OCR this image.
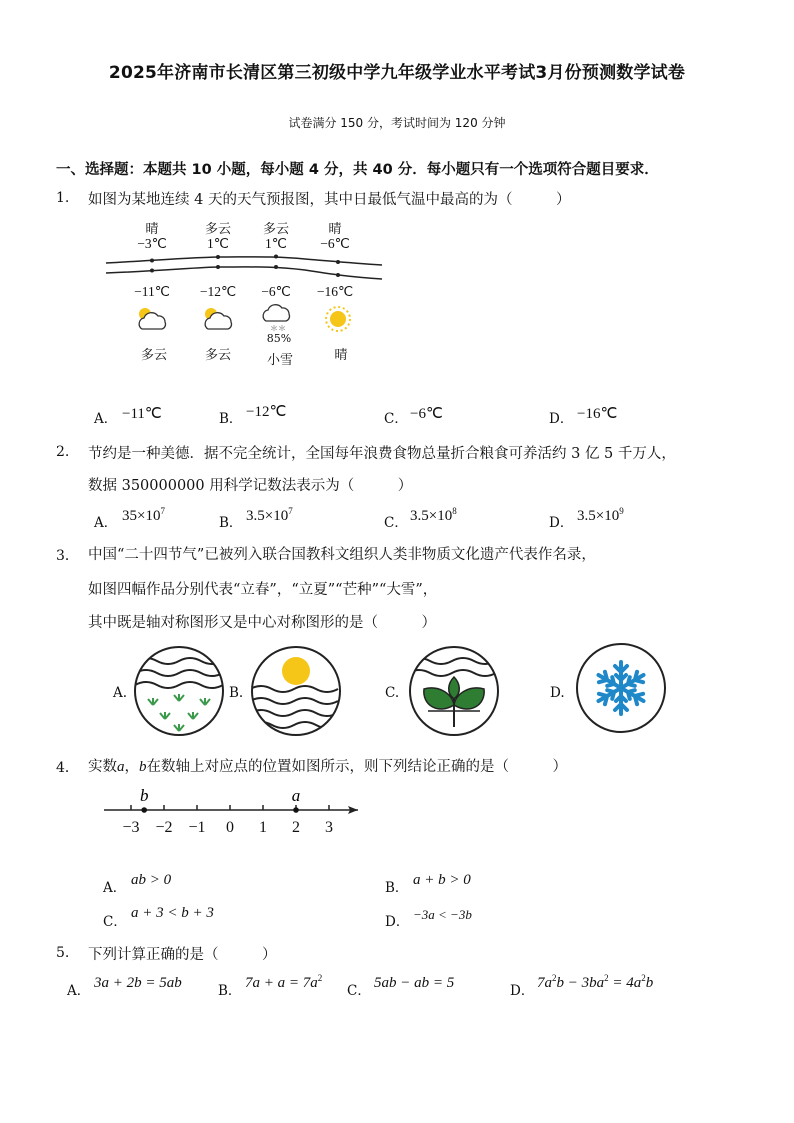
2025年济南市长清区第三初级中学九年级学业水平考试3月份预测数学试卷
试卷满分 150 分，考试时间为 120 分钟
一、选择题：本题共 10 小题，每小题 4 分，共 40 分．每小题只有一个选项符合题目要求．
1. 如图为某地连续 4 天的天气预报图，其中日最低气温中最高的为（　　　）
晴	多云	多云	晴
−3℃	1℃	1℃	−6℃
−11℃	−12℃	−6℃	−16℃
＊＊
85%
多云	多云	小雪	晴
A． −11℃	B． −12℃	C． −6℃	D． −16℃
2. 节约是一种美德．据不完全统计，全国每年浪费食物总量折合粮食可养活约 3 亿 5 千万人，
数据 350000000 用科学记数法表示为（　　　）
A． $35\times 10^7$
B． $3.5\times 10^7$
C． $3.5\times 10^8$
D． $3.5\times 10^9$
3． 中国“二十四节气”已被列入联合国教科文组织人类非物质文化遗产代表作名录，
如图四幅作品分别代表“立春”，“立夏”“芒种”“大雪”，
其中既是轴对称图形又是中心对称图形的是（　　　）
A.	B.	C.	D.
4． 实数a，b在数轴上对应点的位置如图所示，则下列结论正确的是（　　　）
−3 −2 −1 0 1 2 3
b	a
A． ab > 0	B． a + b > 0
C．
a + 3 < b + 3
D． −3a < −3b
5. 下列计算正确的是（　　　）
A． 3a + 2b = 5ab	B． $7a + a = 7a^2$
C． 5ab − ab = 5	D． $7a^2b - 3ba^2 = 4a^2b$
